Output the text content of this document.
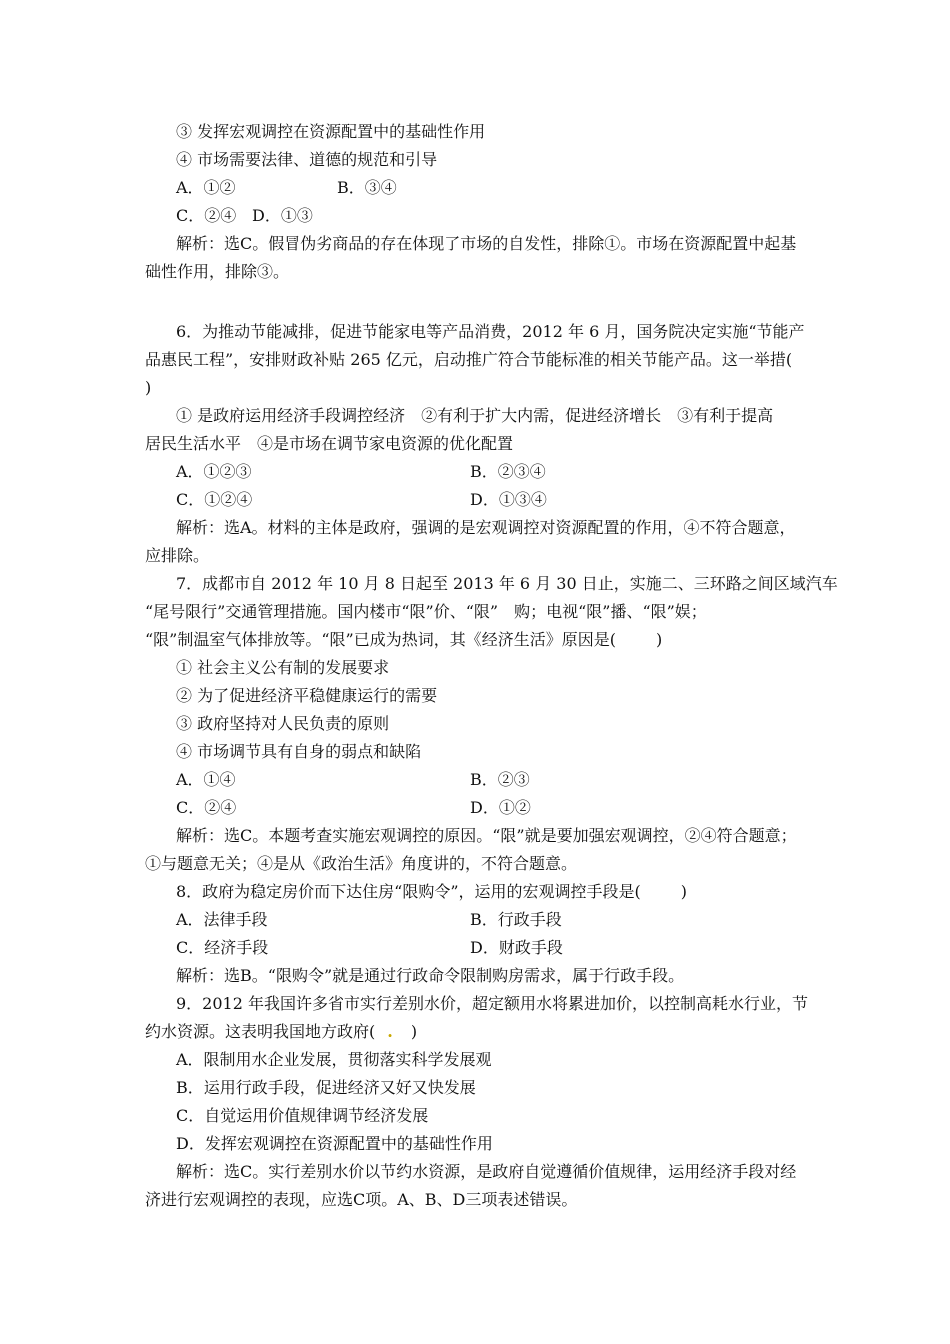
③ 发挥宏观调控在资源配置中的基础性作用
④ 市场需要法律、道德的规范和引导
A．①②	B．③④
C．②④ D．①③
解析：选C。假冒伪劣商品的存在体现了市场的自发性，排除①。市场在资源配置中起基
础性作用，排除③。
6．为推动节能减排，促进节能家电等产品消费，2012 年 6 月，国务院决定实施“节能产
品惠民工程”，安排财政补贴 265 亿元，启动推广符合节能标准的相关节能产品。这一举措(
)
① 是政府运用经济手段调控经济　②有利于扩大内需，促进经济增长　③有利于提高
居民生活水平　④是市场在调节家电资源的优化配置
A．①②③	B．②③④
C．①②④	D．①③④
解析：选A。材料的主体是政府，强调的是宏观调控对资源配置的作用，④不符合题意，
应排除。
7．成都市自 2012 年 10 月 8 日起至 2013 年 6 月 30 日止，实施二、三环路之间区域汽车
“尾号限行”交通管理措施。国内楼市“限”价、“限”　购；电视“限”播、“限”娱；
“限”制温室气体排放等。“限”已成为热词，其《经济生活》原因是(	)
① 社会主义公有制的发展要求
② 为了促进经济平稳健康运行的需要
③ 政府坚持对人民负责的原则
④ 市场调节具有自身的弱点和缺陷
A．①④	B．②③
C．②④	D．①②
解析：选C。本题考查实施宏观调控的原因。“限”就是要加强宏观调控，②④符合题意；
①与题意无关；④是从《政治生活》角度讲的，不符合题意。
8．政府为稳定房价而下达住房“限购令”，运用的宏观调控手段是(	)
A．法律手段	B．行政手段
C．经济手段	D．财政手段
解析：选B。“限购令”就是通过行政命令限制购房需求，属于行政手段。
9．2012 年我国许多省市实行差别水价，超定额用水将累进加价，以控制高耗水行业，节
约水资源。这表明我国地方政府( . )
A．限制用水企业发展，贯彻落实科学发展观
B．运用行政手段，促进经济又好又快发展
C．自觉运用价值规律调节经济发展
D．发挥宏观调控在资源配置中的基础性作用
解析：选C。实行差别水价以节约水资源，是政府自觉遵循价值规律，运用经济手段对经
济进行宏观调控的表现，应选C项。A、B、D三项表述错误。
